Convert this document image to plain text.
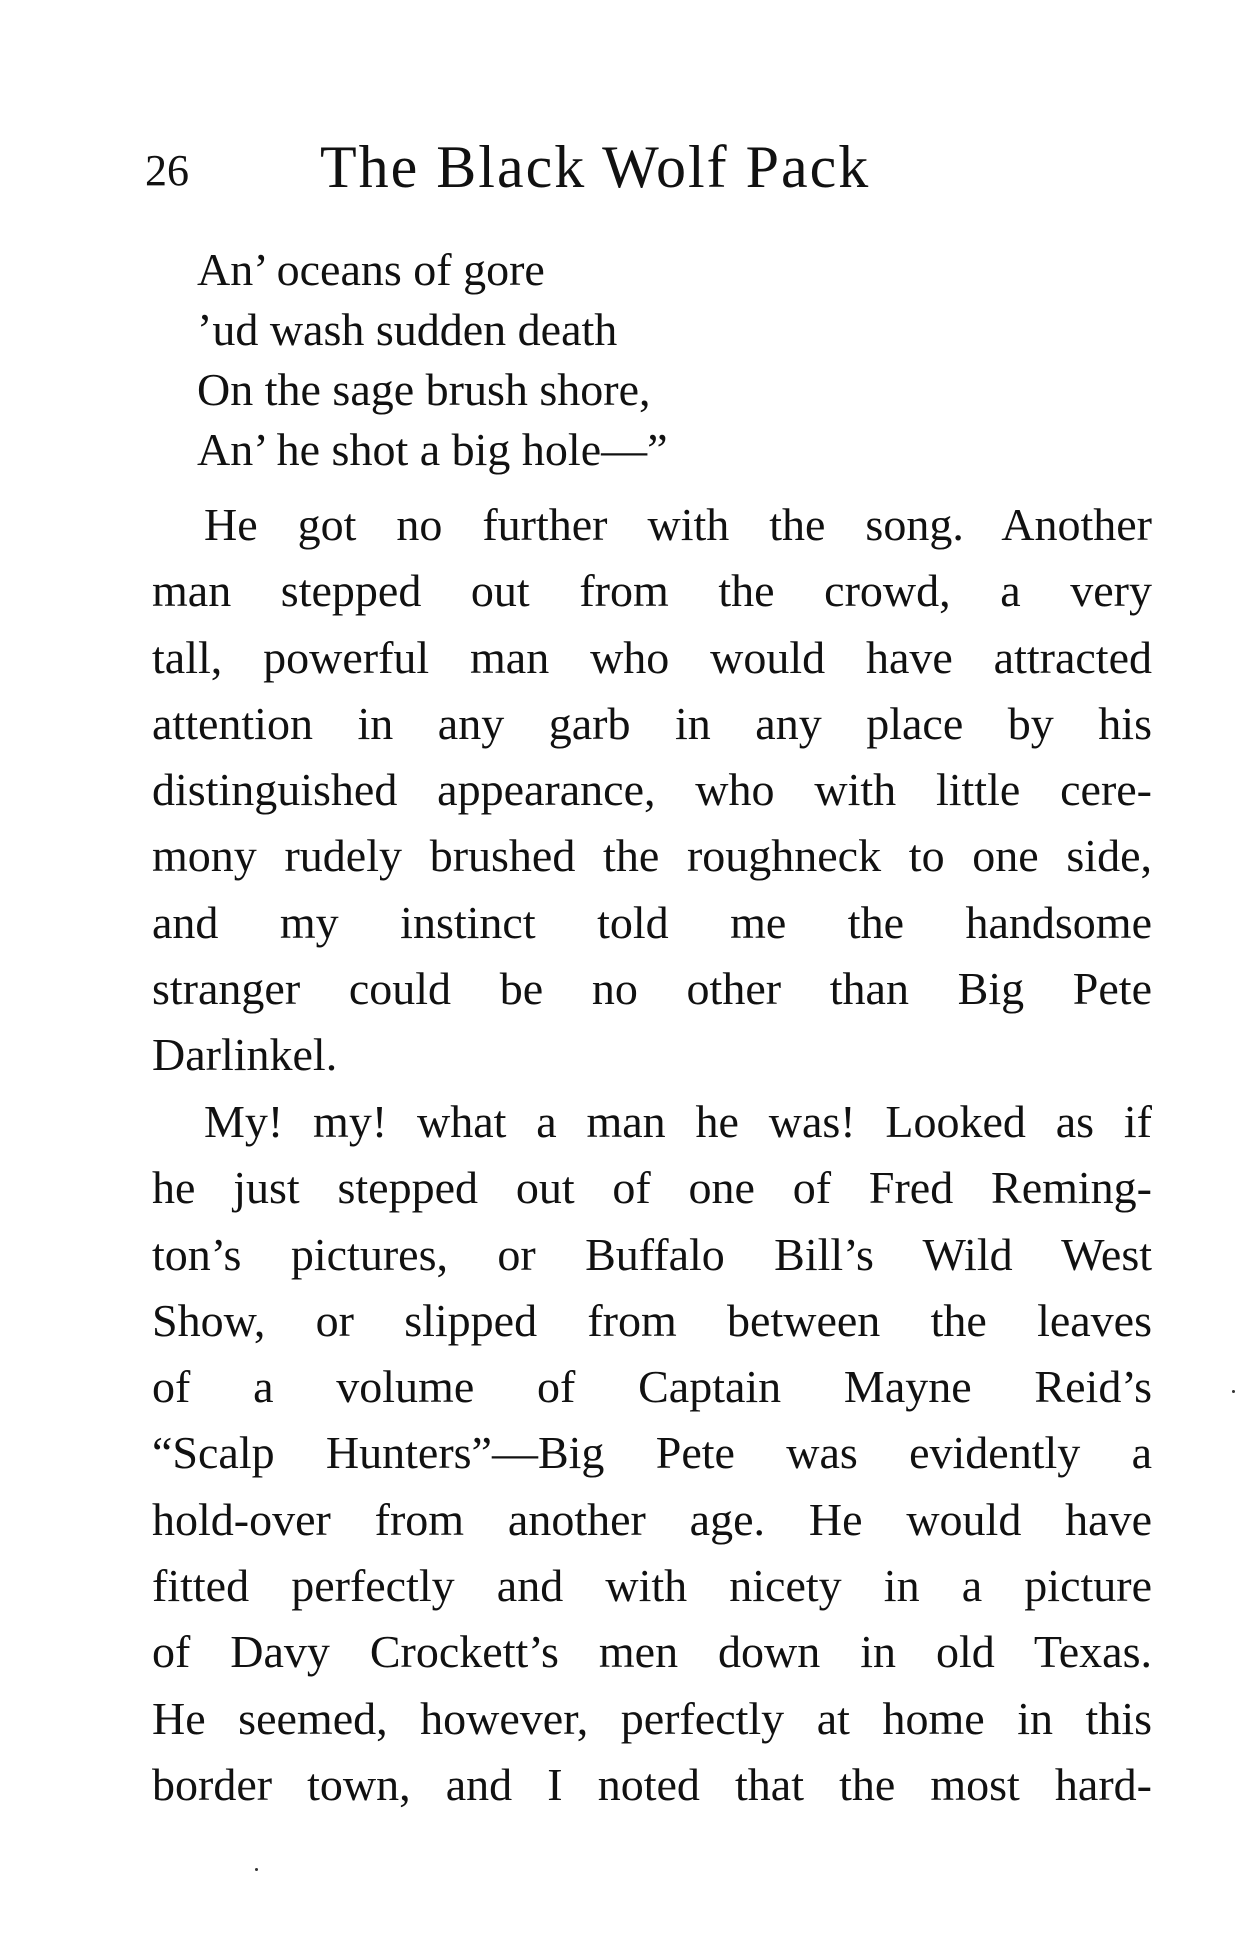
26 The Black Wolf Pack
An’ oceans of gore
’ud wash sudden death
On the sage brush shore,
An’ he shot a big hole—”
He got no further with the song. Another
man stepped out from the crowd, a very
tall, powerful man who would have attracted
attention in any garb in any place by his
distinguished appearance, who with little cere-
mony rudely brushed the roughneck to one side,
and my instinct told me the handsome
stranger could be no other than Big Pete
Darlinkel.
My! my! what a man he was! Looked as if
he just stepped out of one of Fred Reming-
ton’s pictures, or Buffalo Bill’s Wild West
Show, or slipped from between the leaves
of a volume of Captain Mayne Reid’s
“Scalp Hunters”—Big Pete was evidently a
hold-over from another age. He would have
fitted perfectly and with nicety in a picture
of Davy Crockett’s men down in old Texas.
He seemed, however, perfectly at home in this
border town, and I noted that the most hard-
